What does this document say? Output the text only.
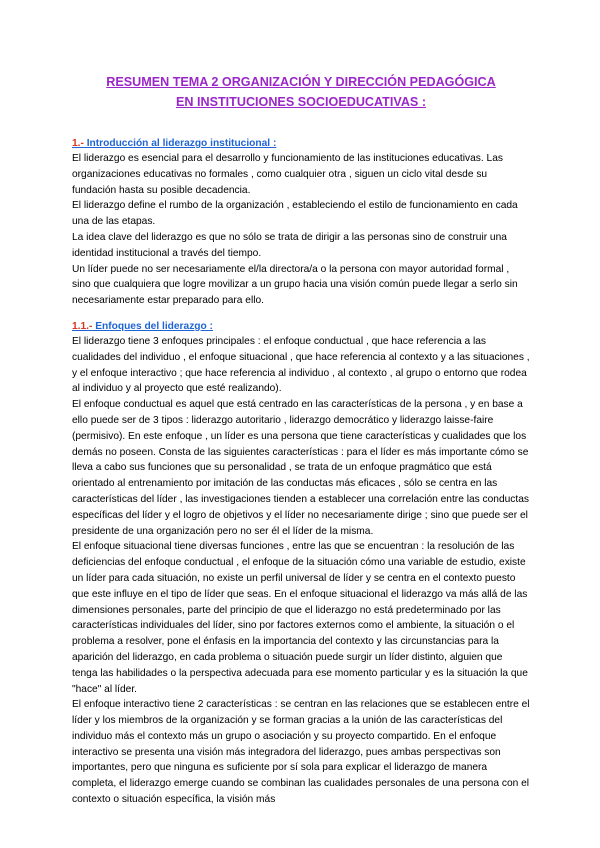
RESUMEN TEMA 2 ORGANIZACIÓN Y DIRECCIÓN PEDAGÓGICA
EN INSTITUCIONES SOCIOEDUCATIVAS :
1.- Introducción al liderazgo institucional :

El liderazgo es esencial para el desarrollo y funcionamiento de las instituciones educativas. Las organizaciones educativas no formales , como cualquier otra , siguen un ciclo vital desde su fundación hasta su posible decadencia.

El liderazgo define el rumbo de la organización , estableciendo el estilo de funcionamiento en cada una de las etapas.

La idea clave del liderazgo es que no sólo se trata de dirigir a las personas sino de construir una identidad institucional a través del tiempo.

Un líder puede no ser necesariamente el/la directora/a o la persona con mayor autoridad formal , sino que cualquiera que logre movilizar a un grupo hacia una visión común puede llegar a serlo sin necesariamente estar preparado para ello.

1.1.- Enfoques del liderazgo :

El liderazgo tiene 3 enfoques principales : el enfoque conductual , que hace referencia a las cualidades del individuo , el enfoque situacional , que hace referencia al contexto y a las situaciones , y el enfoque interactivo ; que hace referencia al individuo , al contexto , al grupo o entorno que rodea al individuo y al proyecto que esté realizando).

El enfoque conductual es aquel que está centrado en las características de la persona , y en base a ello puede ser de 3 tipos : liderazgo autoritario , liderazgo democrático y liderazgo laisse-faire (permisivo). En este enfoque , un líder es una persona que tiene características y cualidades que los demás no poseen. Consta de las siguientes características : para el líder es más importante cómo se lleva a cabo sus funciones que su personalidad , se trata de un enfoque pragmático que está orientado al entrenamiento por imitación de las conductas más eficaces , sólo se centra en las características del líder , las investigaciones tienden a establecer una correlación entre las conductas específicas del líder y el logro de objetivos y el líder no necesariamente dirige ; sino que puede ser el presidente de una organización pero no ser él el líder de la misma.

El enfoque situacional tiene diversas funciones , entre las que se encuentran : la resolución de las deficiencias del enfoque conductual , el enfoque de la situación cómo una variable de estudio, existe un líder para cada situación, no existe un perfil universal de líder y se centra en el contexto puesto que este influye en el tipo de líder que seas. En el enfoque situacional el liderazgo va más allá de las dimensiones personales, parte del principio de que el liderazgo no está predeterminado por las características individuales del líder, sino por factores externos como el ambiente, la situación o el problema a resolver, pone el énfasis en la importancia del contexto y las circunstancias para la aparición del liderazgo, en cada problema o situación puede surgir un líder distinto, alguien que tenga las habilidades o la perspectiva adecuada para ese momento particular y es la situación la que "hace" al líder.

El enfoque interactivo tiene 2 características : se centran en las relaciones que se establecen entre el líder y los miembros de la organización y se forman gracias a la unión de las características del individuo más el contexto más un grupo o asociación y su proyecto compartido. En el enfoque interactivo se presenta una visión más integradora del liderazgo, pues ambas perspectivas son importantes, pero que ninguna es suficiente por sí sola para explicar el liderazgo de manera completa, el liderazgo emerge cuando se combinan las cualidades personales de una persona con el contexto o situación específica, la visión más
